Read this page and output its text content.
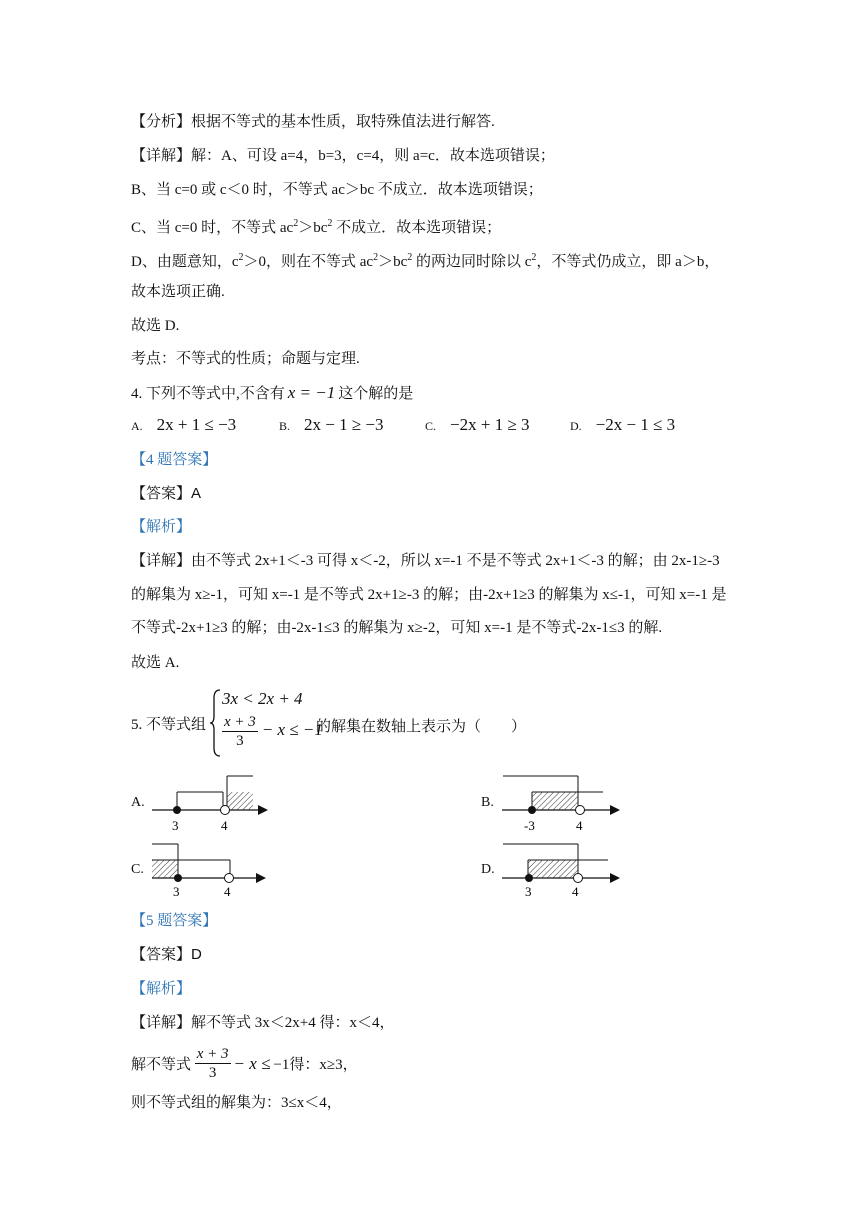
【分析】根据不等式的基本性质，取特殊值法进行解答.
【详解】解：A、可设 a=4，b=3，c=4，则 a=c．故本选项错误；
B、当 c=0 或 c＜0 时，不等式 ac＞bc 不成立．故本选项错误；
C、当 c=0 时，不等式 $ac^2>bc^2$ 不成立．故本选项错误；
D、由题意知，$c^2>0$，则在不等式 $ac^2>bc^2$ 的两边同时除以 $c^2$，不等式仍成立，即 a＞b，
故本选项正确.
故选 D.
考点：不等式的性质；命题与定理.
4. 下列不等式中,不含有 x = −1 这个解的是
A. 2x + 1 ≤ −3	B. 2x − 1 ≥ −3	C. −2x + 1 ≥ 3	D. −2x − 1 ≤ 3
【4 题答案】
【答案】A
【解析】
【详解】由不等式 2x+1＜-3 可得 x＜-2，所以 x=-1 不是不等式 2x+1＜-3 的解；由 2x-1≥-3
的解集为 x≥-1，可知 x=-1 是不等式 2x+1≥-3 的解；由-2x+1≥3 的解集为 x≤-1，可知 x=-1 是
不等式-2x+1≥3 的解；由-2x-1≤3 的解集为 x≥-2，可知 x=-1 是不等式-2x-1≤3 的解.
故选 A.
5. 不等式组
3x < 2x + 4
$\frac{x + 3}{3} - x \le -1$
的解集在数轴上表示为（　　）
A.
3	4
B.
-3	4
C.
3	4
D.
3	4
【5 题答案】
【答案】D
【解析】
【详解】解不等式 3x＜2x+4 得：x＜4，
解不等式 $\frac{x + 3}{3} - x \le -1$得：x≥3，
则不等式组的解集为：3≤x＜4，
